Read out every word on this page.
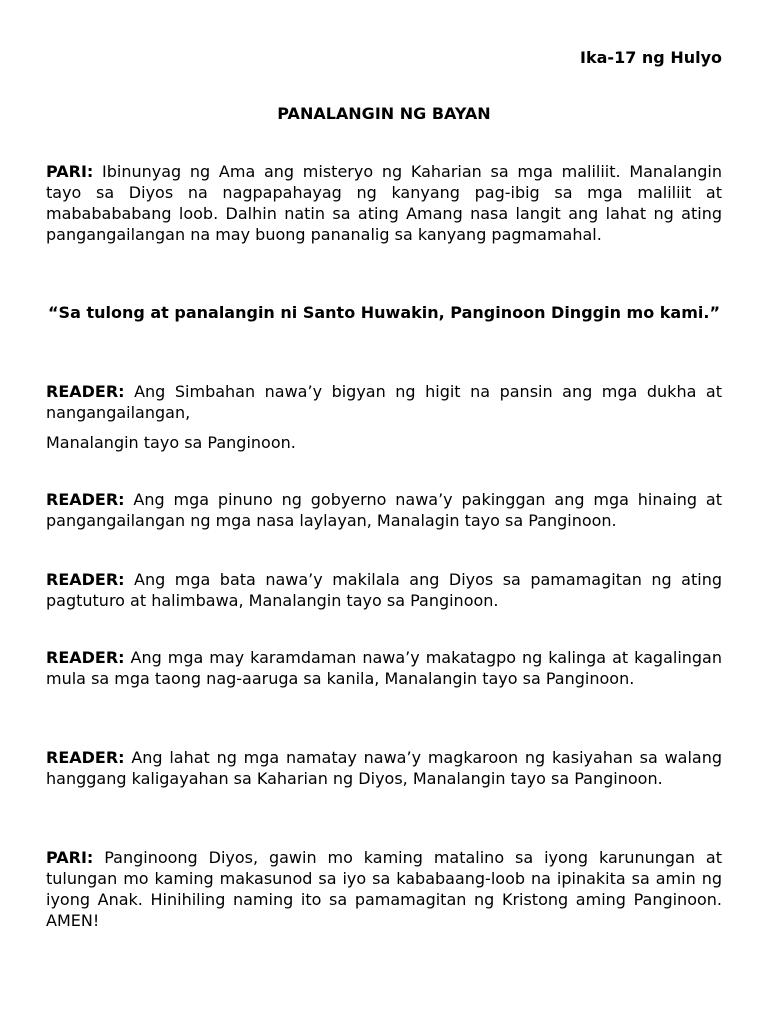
Ika-17 ng Hulyo
PANALANGIN NG BAYAN

PARI: Ibinunyag ng Ama ang misteryo ng Kaharian sa mga maliliit. Manalangin tayo sa Diyos na nagpapahayag ng kanyang pag-ibig sa mga maliliit at mababababang loob. Dalhin natin sa ating Amang nasa langit ang lahat ng ating pangangailangan na may buong pananalig sa kanyang pagmamahal.

“Sa tulong at panalangin ni Santo Huwakin, Panginoon Dinggin mo kami.”

READER: Ang Simbahan nawa’y bigyan ng higit na pansin ang mga dukha at nangangailangan,

Manalangin tayo sa Panginoon.

READER: Ang mga pinuno ng gobyerno nawa’y pakinggan ang mga hinaing at pangangailangan ng mga nasa laylayan, Manalagin tayo sa Panginoon.

READER: Ang mga bata nawa’y makilala ang Diyos sa pamamagitan ng ating pagtuturo at halimbawa, Manalangin tayo sa Panginoon.

READER: Ang mga may karamdaman nawa’y makatagpo ng kalinga at kagalingan mula sa mga taong nag-aaruga sa kanila, Manalangin tayo sa Panginoon.

READER: Ang lahat ng mga namatay nawa’y magkaroon ng kasiyahan sa walang hanggang kaligayahan sa Kaharian ng Diyos, Manalangin tayo sa Panginoon.

PARI: Panginoong Diyos, gawin mo kaming matalino sa iyong karunungan at tulungan mo kaming makasunod sa iyo sa kababaang-loob na ipinakita sa amin ng iyong Anak. Hinihiling naming ito sa pamamagitan ng Kristong aming Panginoon. AMEN!
